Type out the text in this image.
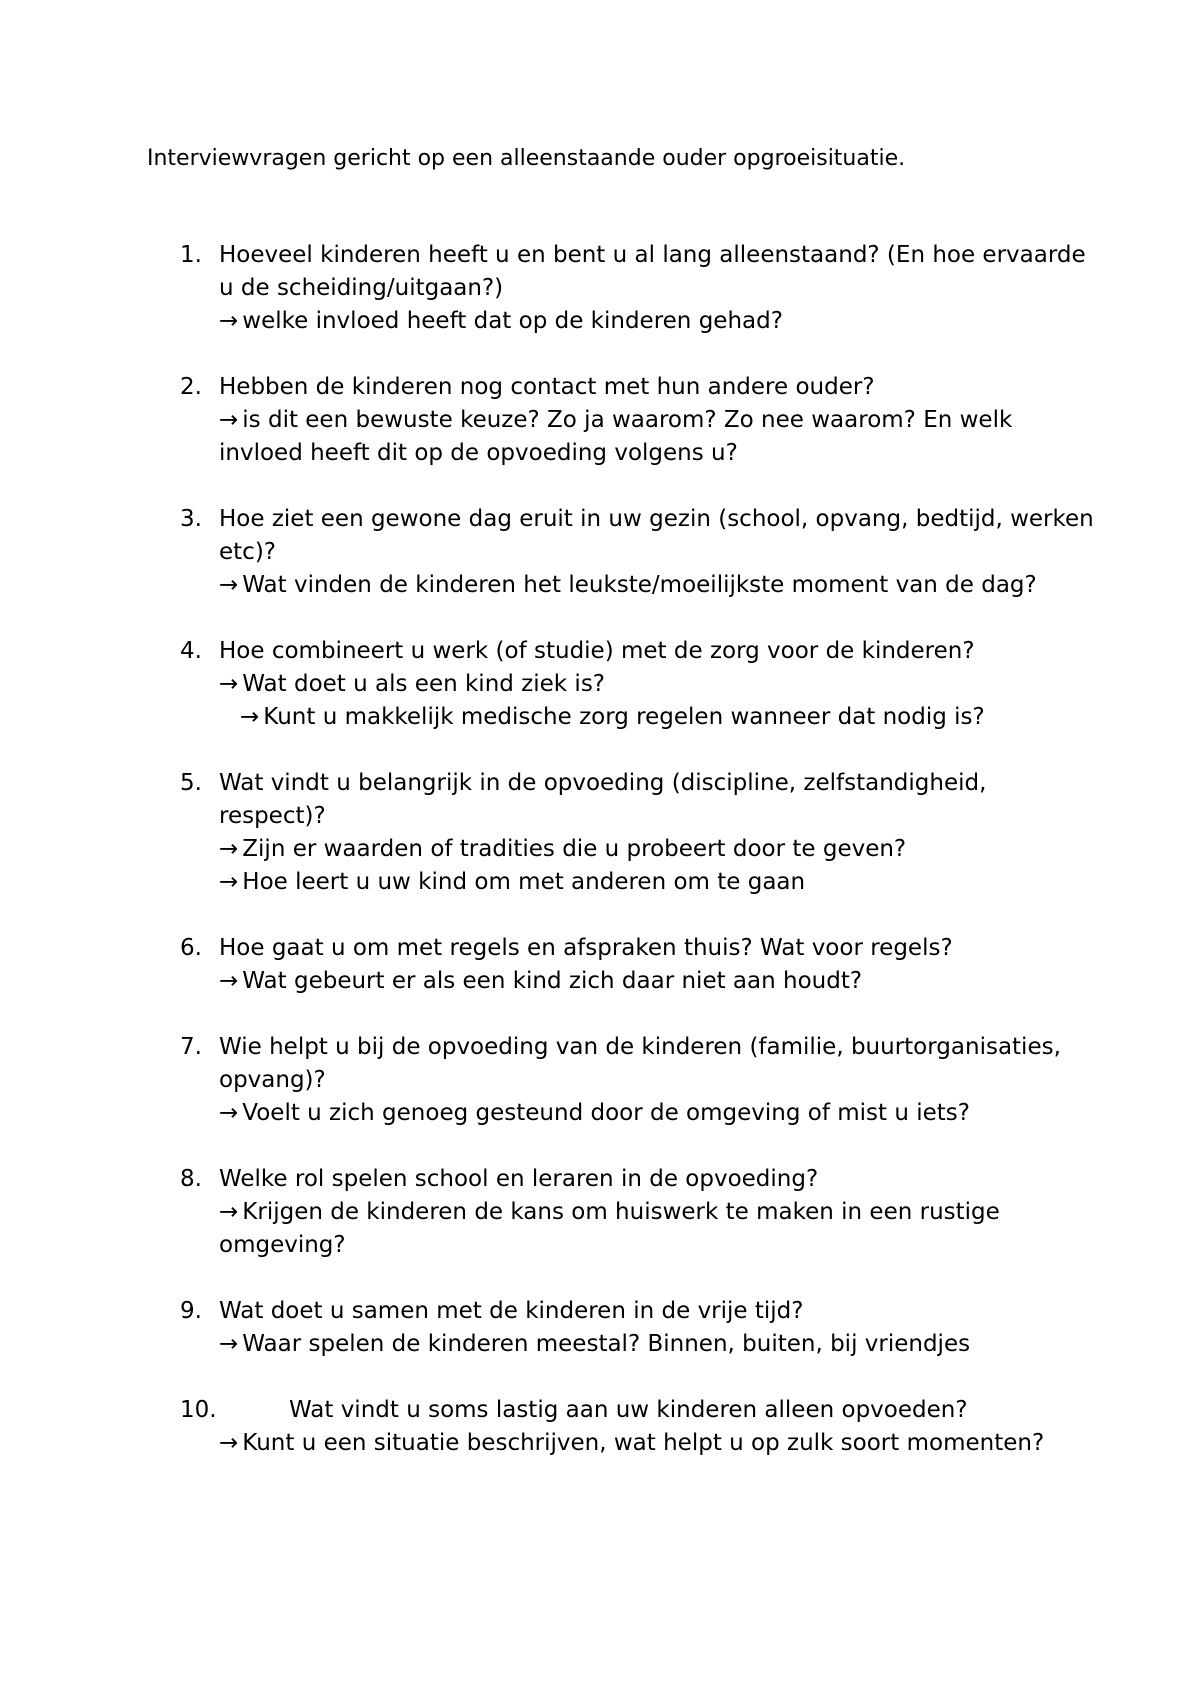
Interviewvragen gericht op een alleenstaande ouder opgroeisituatie.
1. Hoeveel kinderen heeft u en bent u al lang alleenstaand? (En hoe ervaarde u de scheiding/uitgaan?)
→ welke invloed heeft dat op de kinderen gehad?
2. Hebben de kinderen nog contact met hun andere ouder?
→ is dit een bewuste keuze? Zo ja waarom? Zo nee waarom? En welk invloed heeft dit op de opvoeding volgens u?
3. Hoe ziet een gewone dag eruit in uw gezin (school, opvang, bedtijd, werken etc)?
→ Wat vinden de kinderen het leukste/moeilijkste moment van de dag?
4. Hoe combineert u werk (of studie) met de zorg voor de kinderen?
→ Wat doet u als een kind ziek is?
→ Kunt u makkelijk medische zorg regelen wanneer dat nodig is?
5. Wat vindt u belangrijk in de opvoeding (discipline, zelfstandigheid, respect)?
→ Zijn er waarden of tradities die u probeert door te geven?
→ Hoe leert u uw kind om met anderen om te gaan
6. Hoe gaat u om met regels en afspraken thuis? Wat voor regels?
→ Wat gebeurt er als een kind zich daar niet aan houdt?
7. Wie helpt u bij de opvoeding van de kinderen (familie, buurtorganisaties, opvang)?
→ Voelt u zich genoeg gesteund door de omgeving of mist u iets?
8. Welke rol spelen school en leraren in de opvoeding?
→ Krijgen de kinderen de kans om huiswerk te maken in een rustige omgeving?
9. Wat doet u samen met de kinderen in de vrije tijd?
→ Waar spelen de kinderen meestal? Binnen, buiten, bij vriendjes
10.	Wat vindt u soms lastig aan uw kinderen alleen opvoeden?
→ Kunt u een situatie beschrijven, wat helpt u op zulk soort momenten?
